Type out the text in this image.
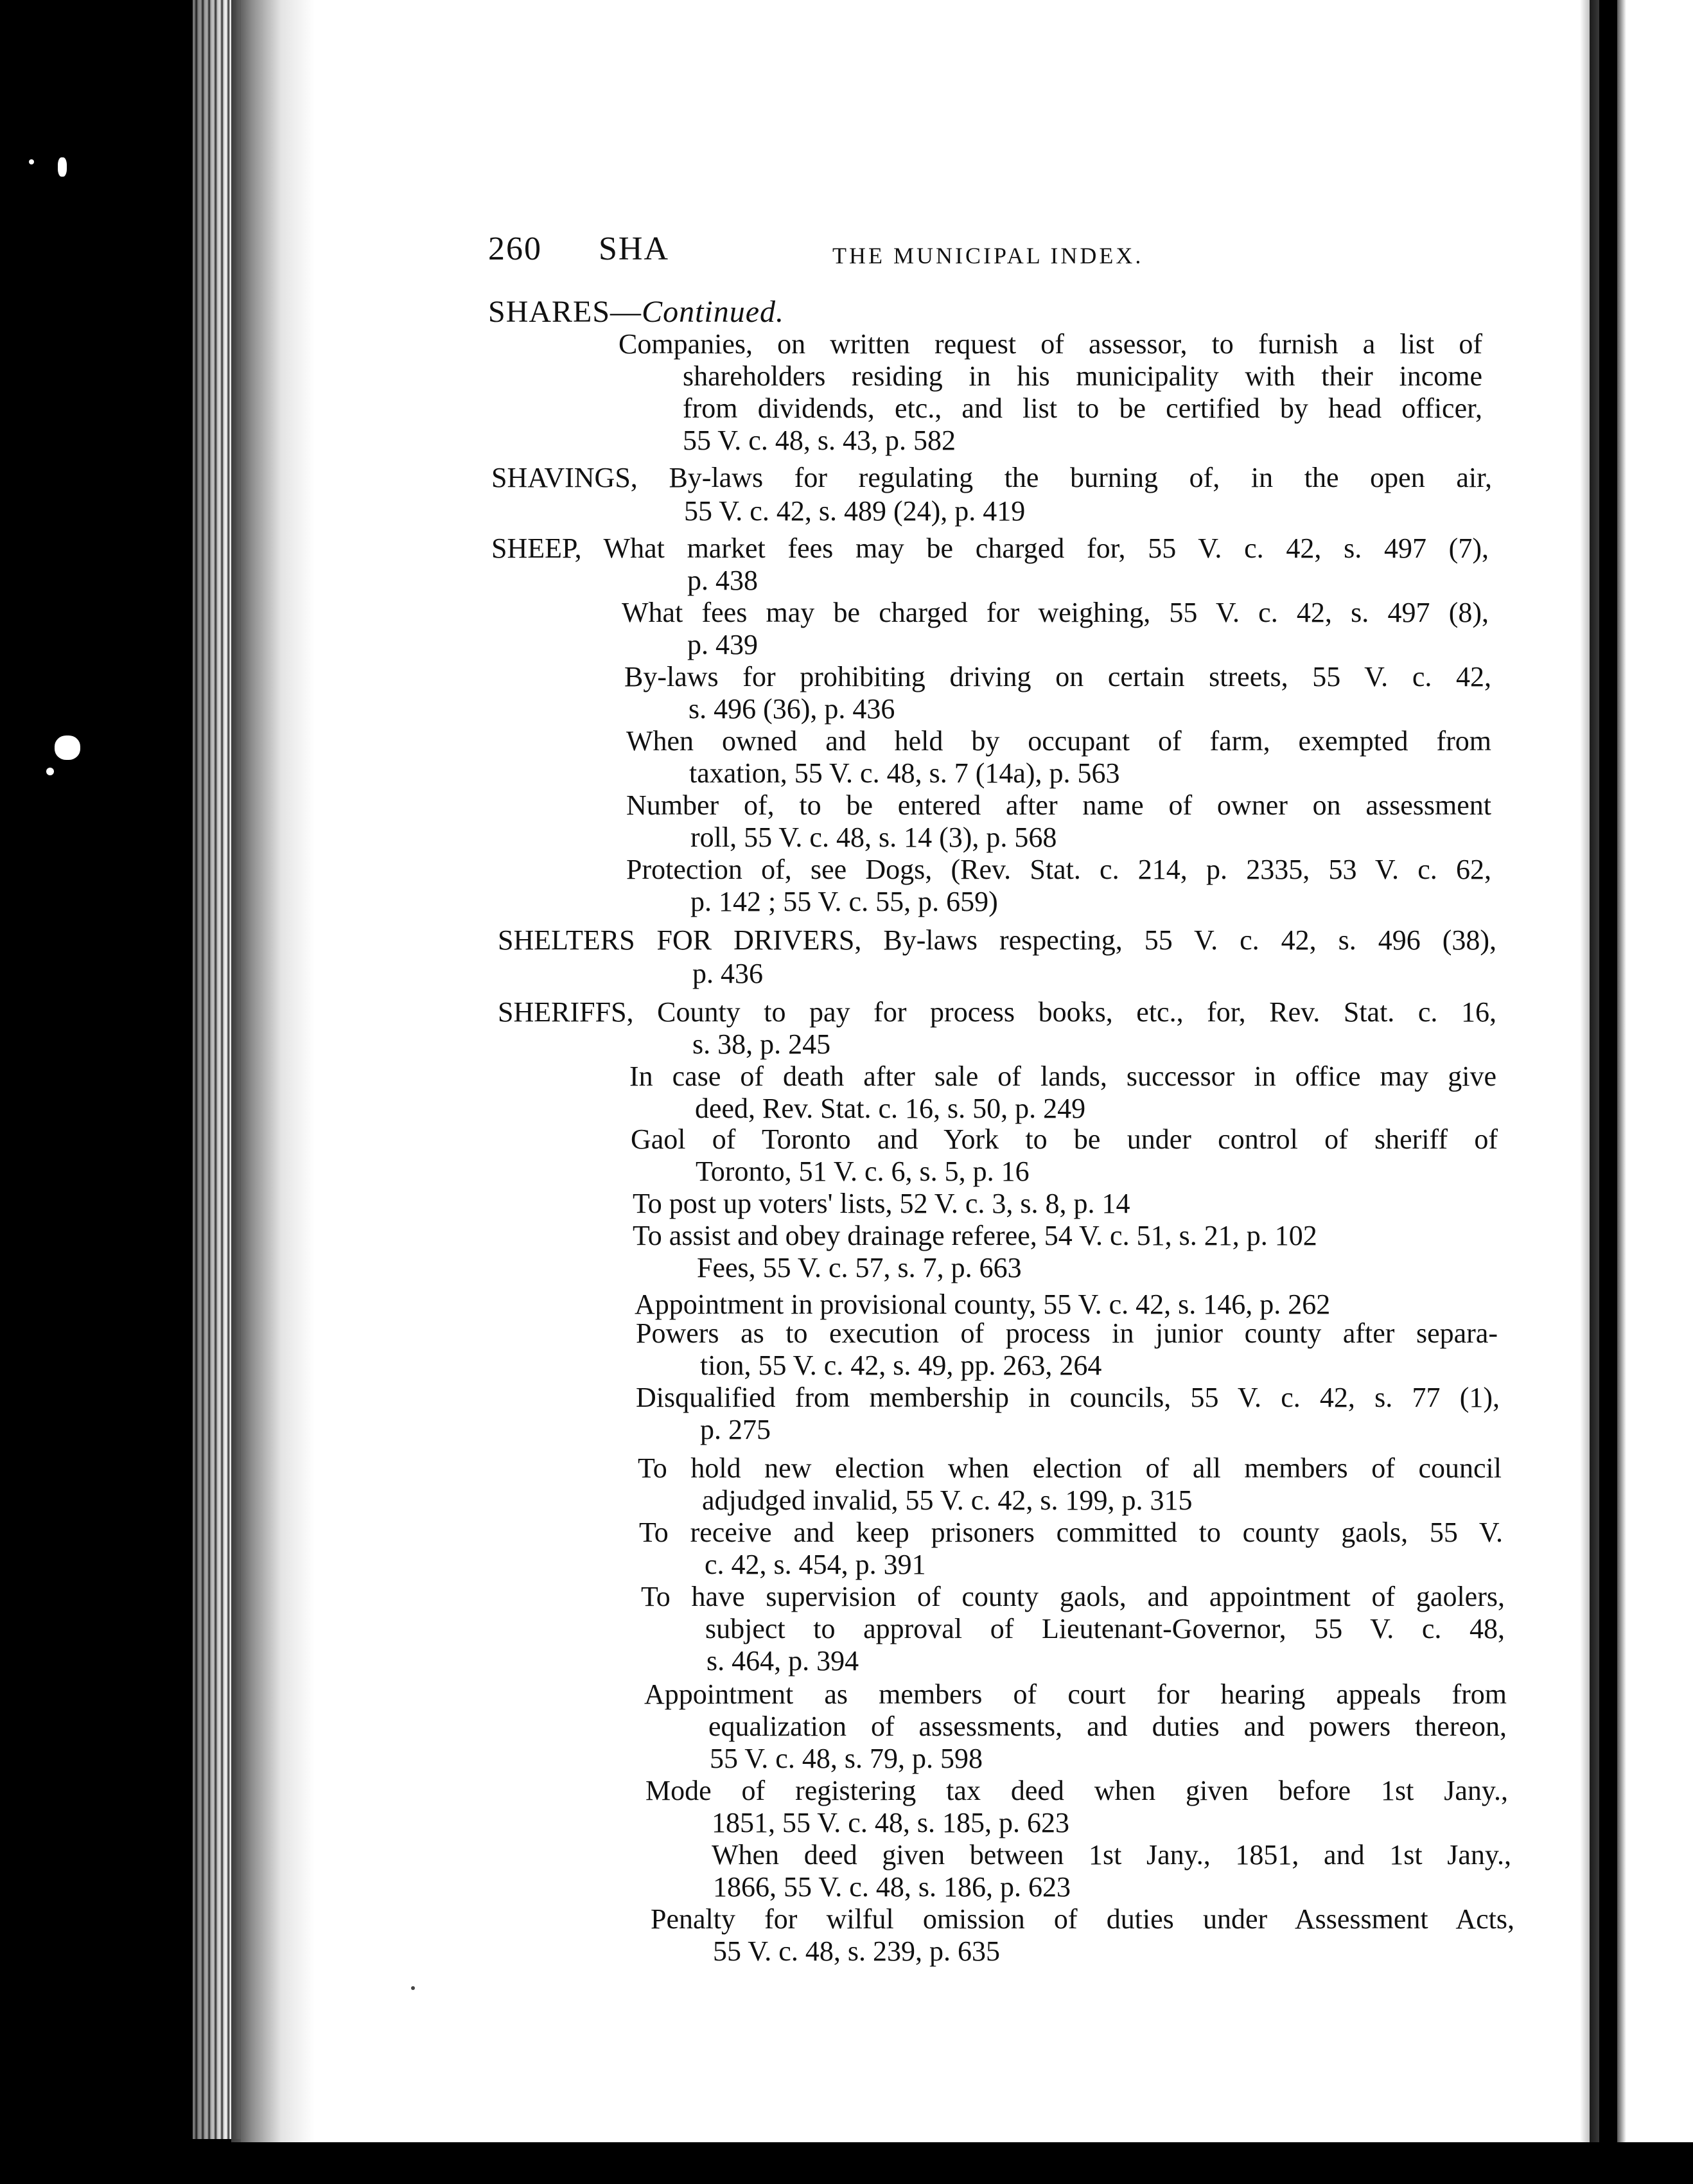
260 SHA	THE MUNICIPAL INDEX.
SHARES—Continued.
Companies, on written request of assessor, to furnish a list of
shareholders residing in his municipality with their income
from dividends, etc., and list to be certified by head officer,
55 V. c. 48, s. 43, p. 582
SHAVINGS, By-laws for regulating the burning of, in the open air,
55 V. c. 42, s. 489 (24), p. 419
SHEEP, What market fees may be charged for, 55 V. c. 42, s. 497 (7),
p. 438
What fees may be charged for weighing, 55 V. c. 42, s. 497 (8),
p. 439
By-laws for prohibiting driving on certain streets, 55 V. c. 42,
s. 496 (36), p. 436
When owned and held by occupant of farm, exempted from
taxation, 55 V. c. 48, s. 7 (14a), p. 563
Number of, to be entered after name of owner on assessment
roll, 55 V. c. 48, s. 14 (3), p. 568
Protection of, see Dogs, (Rev. Stat. c. 214, p. 2335, 53 V. c. 62,
p. 142 ; 55 V. c. 55, p. 659)
SHELTERS FOR DRIVERS, By-laws respecting, 55 V. c. 42, s. 496 (38),
p. 436
SHERIFFS, County to pay for process books, etc., for, Rev. Stat. c. 16,
s. 38, p. 245
In case of death after sale of lands, successor in office may give
deed, Rev. Stat. c. 16, s. 50, p. 249
Gaol of Toronto and York to be under control of sheriff of
Toronto, 51 V. c. 6, s. 5, p. 16
To post up voters' lists, 52 V. c. 3, s. 8, p. 14
To assist and obey drainage referee, 54 V. c. 51, s. 21, p. 102
Fees, 55 V. c. 57, s. 7, p. 663
Appointment in provisional county, 55 V. c. 42, s. 146, p. 262
Powers as to execution of process in junior county after separa-
tion, 55 V. c. 42, s. 49, pp. 263, 264
Disqualified from membership in councils, 55 V. c. 42, s. 77 (1),
p. 275
To hold new election when election of all members of council
adjudged invalid, 55 V. c. 42, s. 199, p. 315
To receive and keep prisoners committed to county gaols, 55 V.
c. 42, s. 454, p. 391
To have supervision of county gaols, and appointment of gaolers,
subject to approval of Lieutenant-Governor, 55 V. c. 48,
s. 464, p. 394
Appointment as members of court for hearing appeals from
equalization of assessments, and duties and powers thereon,
55 V. c. 48, s. 79, p. 598
Mode of registering tax deed when given before 1st Jany.,
1851, 55 V. c. 48, s. 185, p. 623
When deed given between 1st Jany., 1851, and 1st Jany.,
1866, 55 V. c. 48, s. 186, p. 623
Penalty for wilful omission of duties under Assessment Acts,
55 V. c. 48, s. 239, p. 635
